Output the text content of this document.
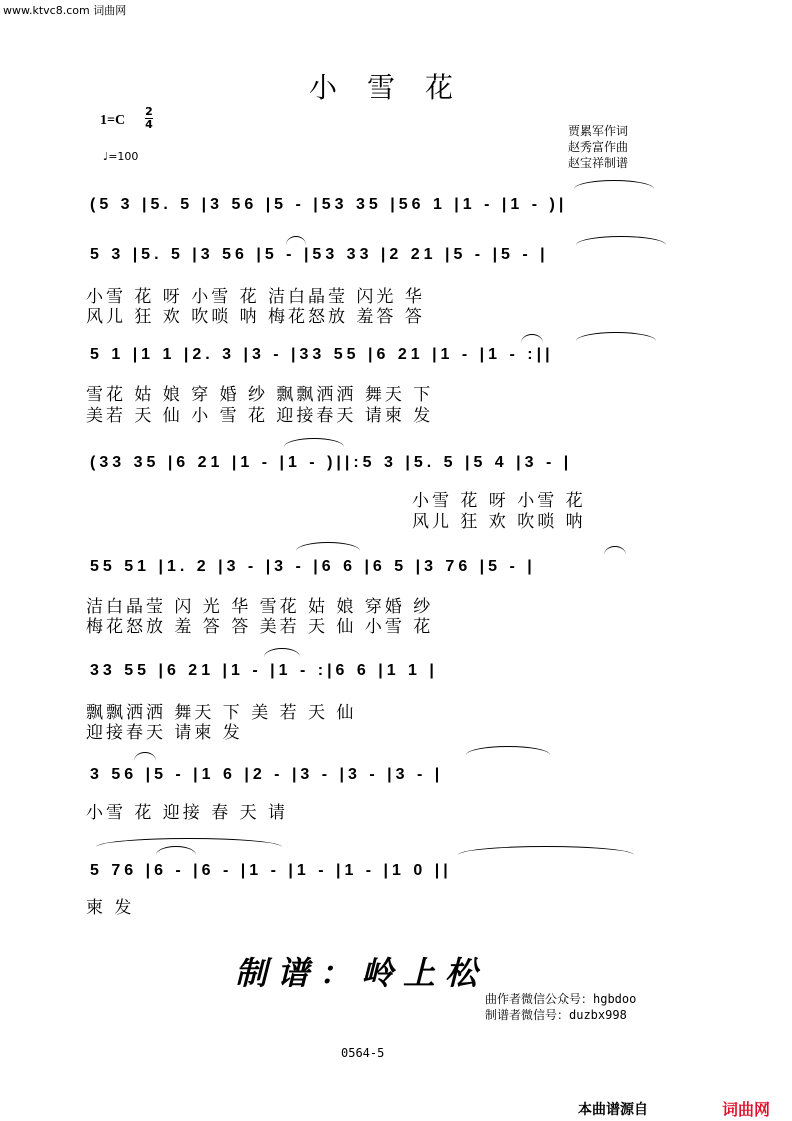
www.ktvc8.com 词曲网
小雪花
1=C
2
4
♩=100
贾累军作词
赵秀富作曲
赵宝祥制谱
(5 3 |5. 5 |3 56 |5 - |53 35 |56 1 |1 - |1 - )|
5 3 |5. 5 |3 56 |5 - |53 33 |2 21 |5 - |5 - |
小雪 花 呀 小雪 花 洁白晶莹 闪光 华
风儿 狂 欢 吹唢 呐 梅花怒放 羞答 答
5 1 |1 1 |2. 3 |3 - |33 55 |6 21 |1 - |1 - :||
雪花 姑 娘 穿 婚 纱 飘飘洒洒 舞天 下
美若 天 仙 小 雪 花 迎接春天 请柬 发
(33 35 |6 21 |1 - |1 - )||:5 3 |5. 5 |5 4 |3 - |
小雪 花 呀 小雪 花
风儿 狂 欢 吹唢 呐
55 51 |1. 2 |3 - |3 - |6 6 |6 5 |3 76 |5 - |
洁白晶莹 闪 光 华 雪花 姑 娘 穿婚 纱
梅花怒放 羞 答 答 美若 天 仙 小雪 花
33 55 |6 21 |1 - |1 - :|6 6 |1 1 |
飘飘洒洒 舞天 下 美 若 天 仙
迎接春天 请柬 发
3 56 |5 - |1 6 |2 - |3 - |3 - |3 - |
小雪 花 迎接 春 天 请
5 76 |6 - |6 - |1 - |1 - |1 - |1 0 ||
柬 发
制谱：岭上松
曲作者微信公众号：hgbdoo
制谱者微信号：duzbx998
0564-5
本曲谱源自	词曲网
